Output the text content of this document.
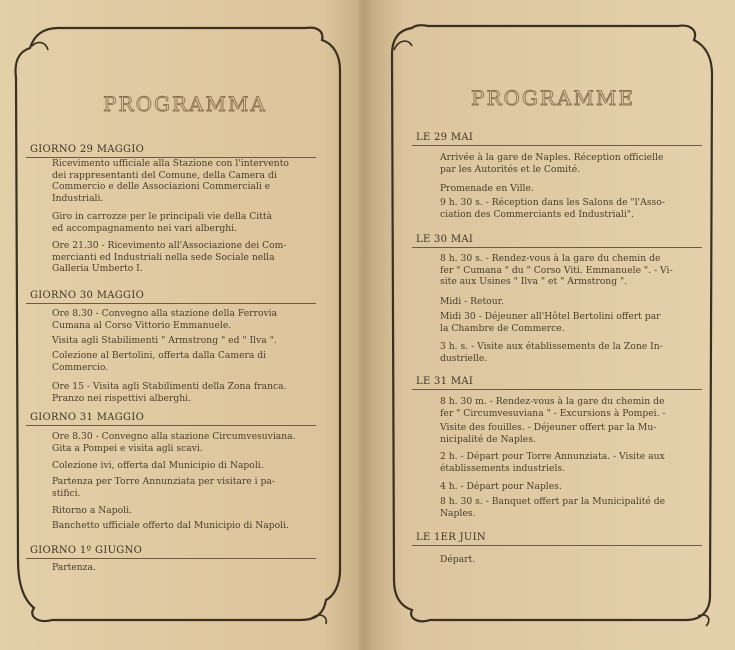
PROGRAMMA
GIORNO 29 MAGGIO
Ricevimento ufficiale alla Stazione con l'intervento
dei rappresentanti del Comune, della Camera di
Commercio e delle Associazioni Commerciali e
Industriali.
Giro in carrozze per le principali vie della Città
ed accompagnamento nei vari alberghi.
Ore 21.30 - Ricevimento all'Associazione dei Com-
mercianti ed Industriali nella sede Sociale nella
Galleria Umberto I.
GIORNO 30 MAGGIO
Ore 8.30 - Convegno alla stazione della Ferrovia
Cumana al Corso Vittorio Emmanuele.
Visita agli Stabilimenti " Armstrong " ed " Ilva ".
Colezione al Bertolini, offerta dalla Camera di
Commercio.
Ore 15 - Visita agli Stabilimenti della Zona franca.
Pranzo nei rispettivi alberghi.
GIORNO 31 MAGGIO
Ore 8.30 - Convegno alla stazione Circumvesuviana.
Gita a Pompei e visita agli scavi.
Colezione ivi, offerta dal Municipio di Napoli.
Partenza per Torre Annunziata per visitare i pa-
stifici.
Ritorno a Napoli.
Banchetto ufficiale offerto dal Municipio di Napoli.
GIORNO 1º GIUGNO
Partenza.
PROGRAMME
LE 29 MAI
Arrivée à la gare de Naples. Réception officielle
par les Autorités et le Comité.
Promenade en Ville.
9 h. 30 s. - Réception dans les Salons de "l'Asso-
ciation des Commerciants ed Industriali".
LE 30 MAI
8 h. 30 s. - Rendez-vous à la gare du chemin de
fer " Cumana " du " Corso Viti. Emmanuele ". - Vi-
site aux Usines " Ilva " et " Armstrong ".
Midi - Retour.
Midi 30 - Déjeuner all'Hôtel Bertolini offert par
la Chambre de Commerce.
3 h. s. - Visite aux établissements de la Zone In-
dustrielle.
LE 31 MAI
8 h. 30 m. - Rendez-vous à la gare du chemin de
fer " Circumvesuviana " - Excursions à Pompei. -
Visite des fouilles. - Déjeuner offert par la Mu-
nicipalité de Naples.
2 h. - Départ pour Torre Annunziata. - Visite aux
établissements industriels.
4 h. - Départ pour Naples.
8 h. 30 s. - Banquet offert par la Municipalité de
Naples.
LE 1ER JUIN
Départ.
